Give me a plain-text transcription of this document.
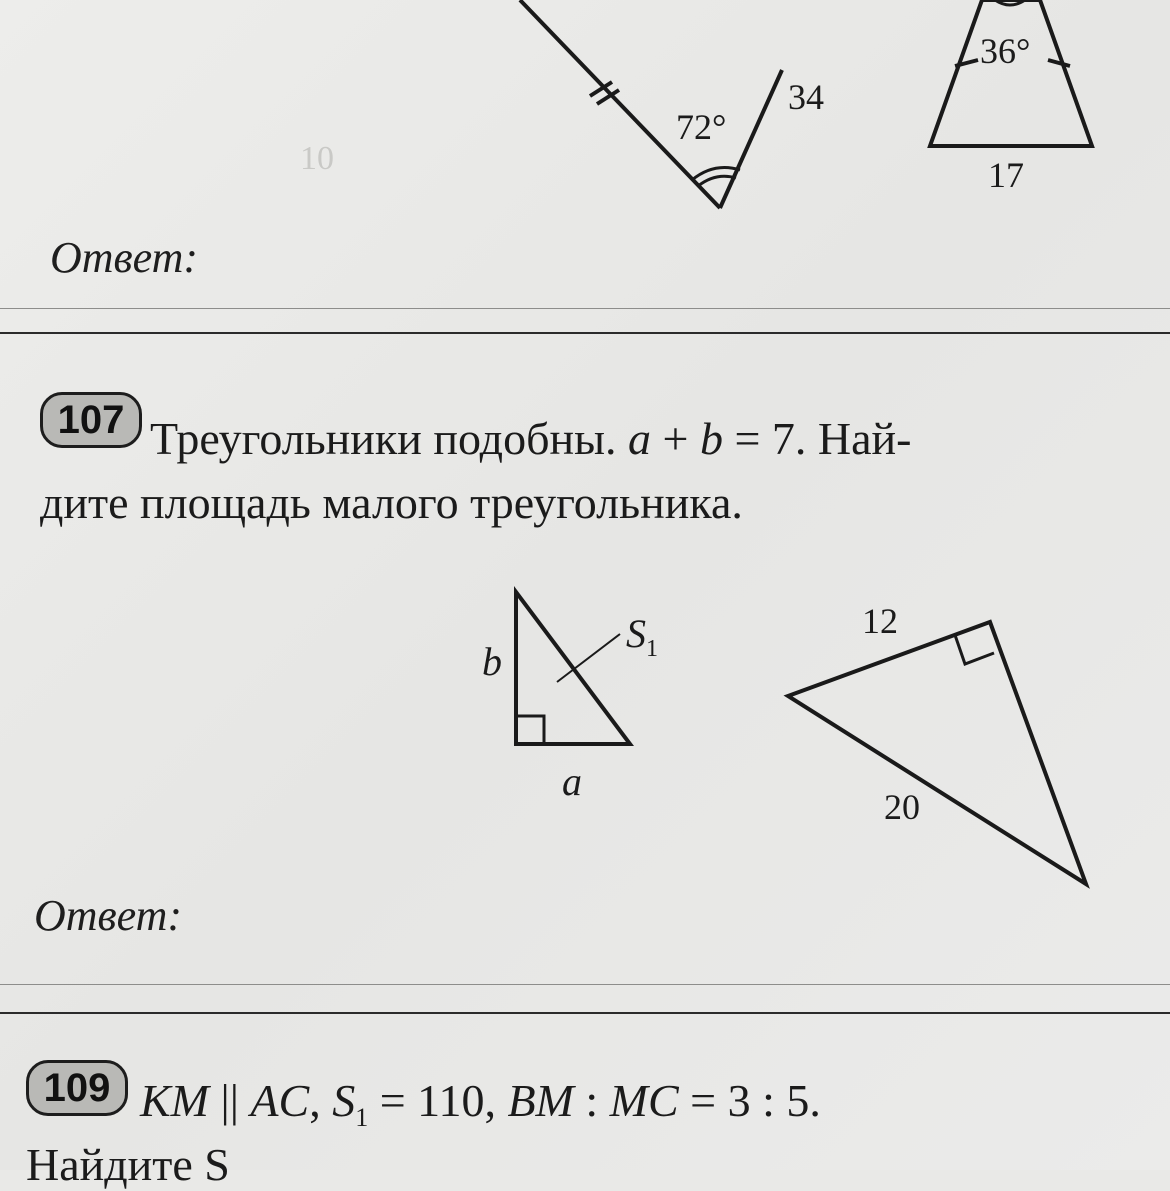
10
72°
34
36°
17
Ответ:
107 Треугольники подобны. a + b = 7. Най-
дите площадь малого треугольника.
b
a
$S_1$
12
20
Ответ:
109 KM || AC, $S_1 = 110$, BM : MC = 3 : 5.
Найдите S
